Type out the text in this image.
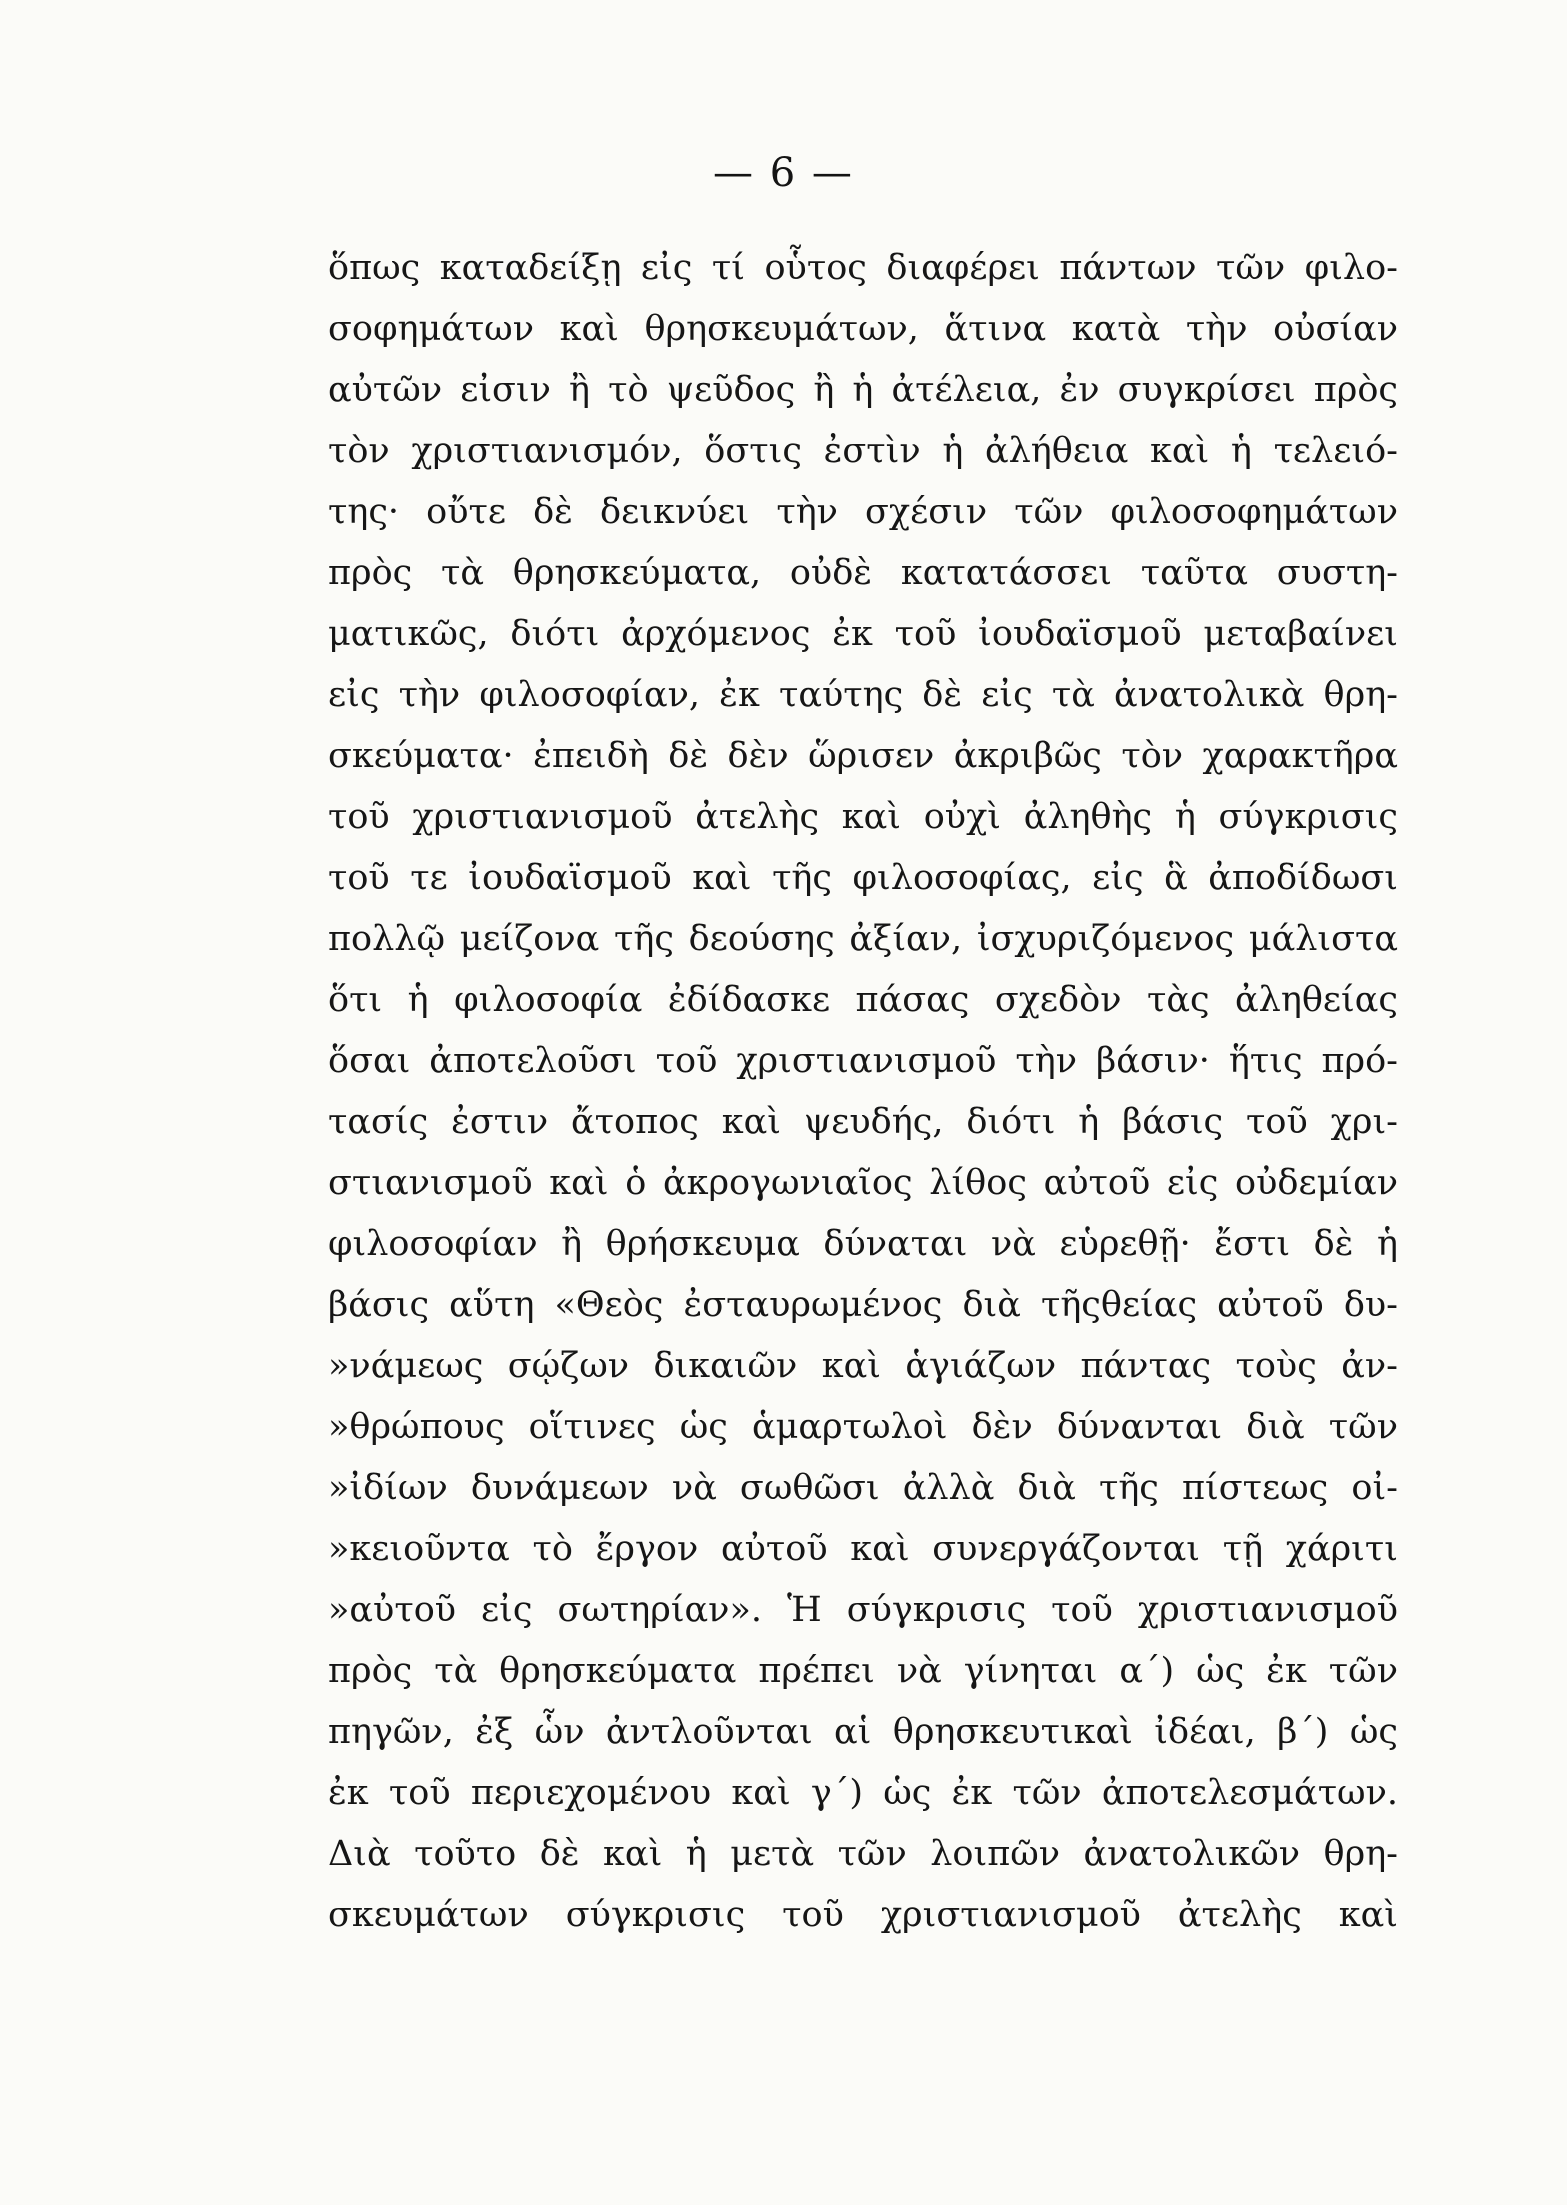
— 6 —
ὅπως καταδείξῃ εἰς τί οὗτος διαφέρει πάντων τῶν φιλο-
σοφημάτων καὶ θρησκευμάτων, ἅτινα κατὰ τὴν οὐσίαν
αὐτῶν εἰσιν ἢ τὸ ψεῦδος ἢ ἡ ἀτέλεια, ἐν συγκρίσει πρὸς
τὸν χριστιανισμόν, ὅστις ἐστὶν ἡ ἀλήθεια καὶ ἡ τελειό-
της· οὔτε δὲ δεικνύει τὴν σχέσιν τῶν φιλοσοφημάτων
πρὸς τὰ θρησκεύματα, οὐδὲ κατατάσσει ταῦτα συστη-
ματικῶς, διότι ἀρχόμενος ἐκ τοῦ ἰουδαϊσμοῦ μεταβαίνει
εἰς τὴν φιλοσοφίαν, ἐκ ταύτης δὲ εἰς τὰ ἀνατολικὰ θρη-
σκεύματα· ἐπειδὴ δὲ δὲν ὥρισεν ἀκριβῶς τὸν χαρακτῆρα
τοῦ χριστιανισμοῦ ἀτελὴς καὶ οὐχὶ ἀληθὴς ἡ σύγκρισις
τοῦ τε ἰουδαϊσμοῦ καὶ τῆς φιλοσοφίας, εἰς ἃ ἀποδίδωσι
πολλῷ μείζονα τῆς δεούσης ἀξίαν, ἰσχυριζόμενος μάλιστα
ὅτι ἡ φιλοσοφία ἐδίδασκε πάσας σχεδὸν τὰς ἀληθείας
ὅσαι ἀποτελοῦσι τοῦ χριστιανισμοῦ τὴν βάσιν· ἥτις πρό-
τασίς ἐστιν ἄτοπος καὶ ψευδής, διότι ἡ βάσις τοῦ χρι-
στιανισμοῦ καὶ ὁ ἀκρογωνιαῖος λίθος αὐτοῦ εἰς οὐδεμίαν
φιλοσοφίαν ἢ θρήσκευμα δύναται νὰ εὑρεθῇ· ἔστι δὲ ἡ
βάσις αὕτη «Θεὸς ἐσταυρωμένος διὰ τῆςθείας αὐτοῦ δυ-
»νάμεως σῴζων δικαιῶν καὶ ἁγιάζων πάντας τοὺς ἀν-
»θρώπους οἵτινες ὡς ἁμαρτωλοὶ δὲν δύνανται διὰ τῶν
»ἰδίων δυνάμεων νὰ σωθῶσι ἀλλὰ διὰ τῆς πίστεως οἰ-
»κειοῦντα τὸ ἔργον αὐτοῦ καὶ συνεργάζονται τῇ χάριτι
»αὐτοῦ εἰς σωτηρίαν». Ἡ σύγκρισις τοῦ χριστιανισμοῦ
πρὸς τὰ θρησκεύματα πρέπει νὰ γίνηται α΄) ὡς ἐκ τῶν
πηγῶν, ἐξ ὧν ἀντλοῦνται αἱ θρησκευτικαὶ ἰδέαι, β΄) ὡς
ἐκ τοῦ περιεχομένου καὶ γ΄) ὡς ἐκ τῶν ἀποτελεσμάτων.
Διὰ τοῦτο δὲ καὶ ἡ μετὰ τῶν λοιπῶν ἀνατολικῶν θρη-
σκευμάτων σύγκρισις τοῦ χριστιανισμοῦ ἀτελὴς καὶ
